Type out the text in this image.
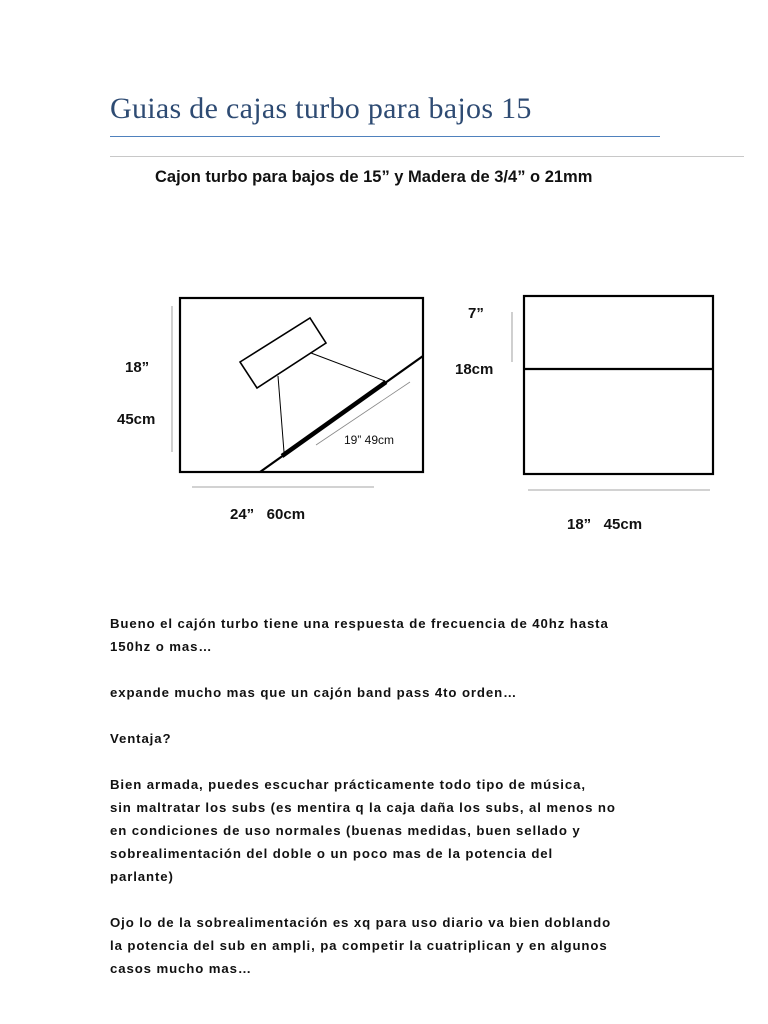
Guias de cajas turbo para bajos 15
Cajon turbo para bajos de 15” y Madera de 3/4” o 21mm
18”
45cm
19” 49cm
24”   60cm
7”
18cm
18”   45cm

Bueno el cajón turbo tiene una respuesta de frecuencia de 40hz hasta
150hz o mas…

expande mucho mas que un cajón band pass 4to orden…

Ventaja?

Bien armada, puedes escuchar prácticamente todo tipo de música,
sin maltratar los subs (es mentira q la caja daña los subs, al menos no
en condiciones de uso normales (buenas medidas, buen sellado y
sobrealimentación del doble o un poco mas de la potencia del
parlante)

Ojo lo de la sobrealimentación es xq para uso diario va bien doblando
la potencia del sub en ampli, pa competir la cuatriplican y en algunos
casos mucho mas…
